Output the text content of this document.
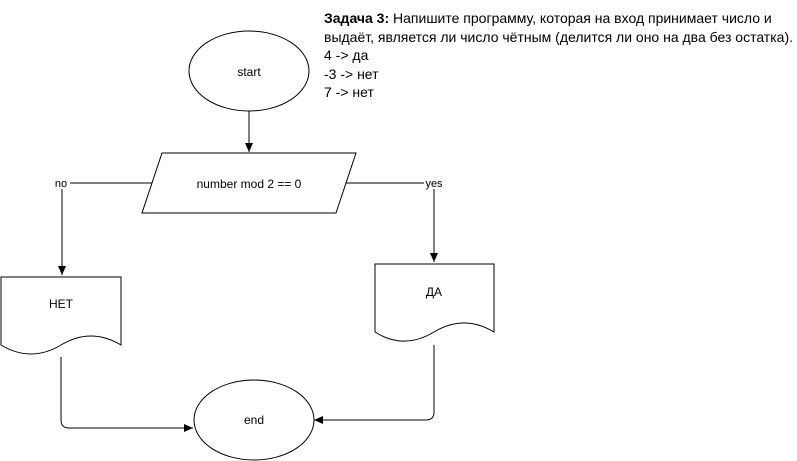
start
number mod 2 == 0
no	yes
НЕТ
ДА
end

Задача 3: Напишите программу, которая на вход принимает число и выдаёт, является ли число чётным (делится ли оно на два без остатка).

4 -> да

-3 -> нет

7 -> нет
